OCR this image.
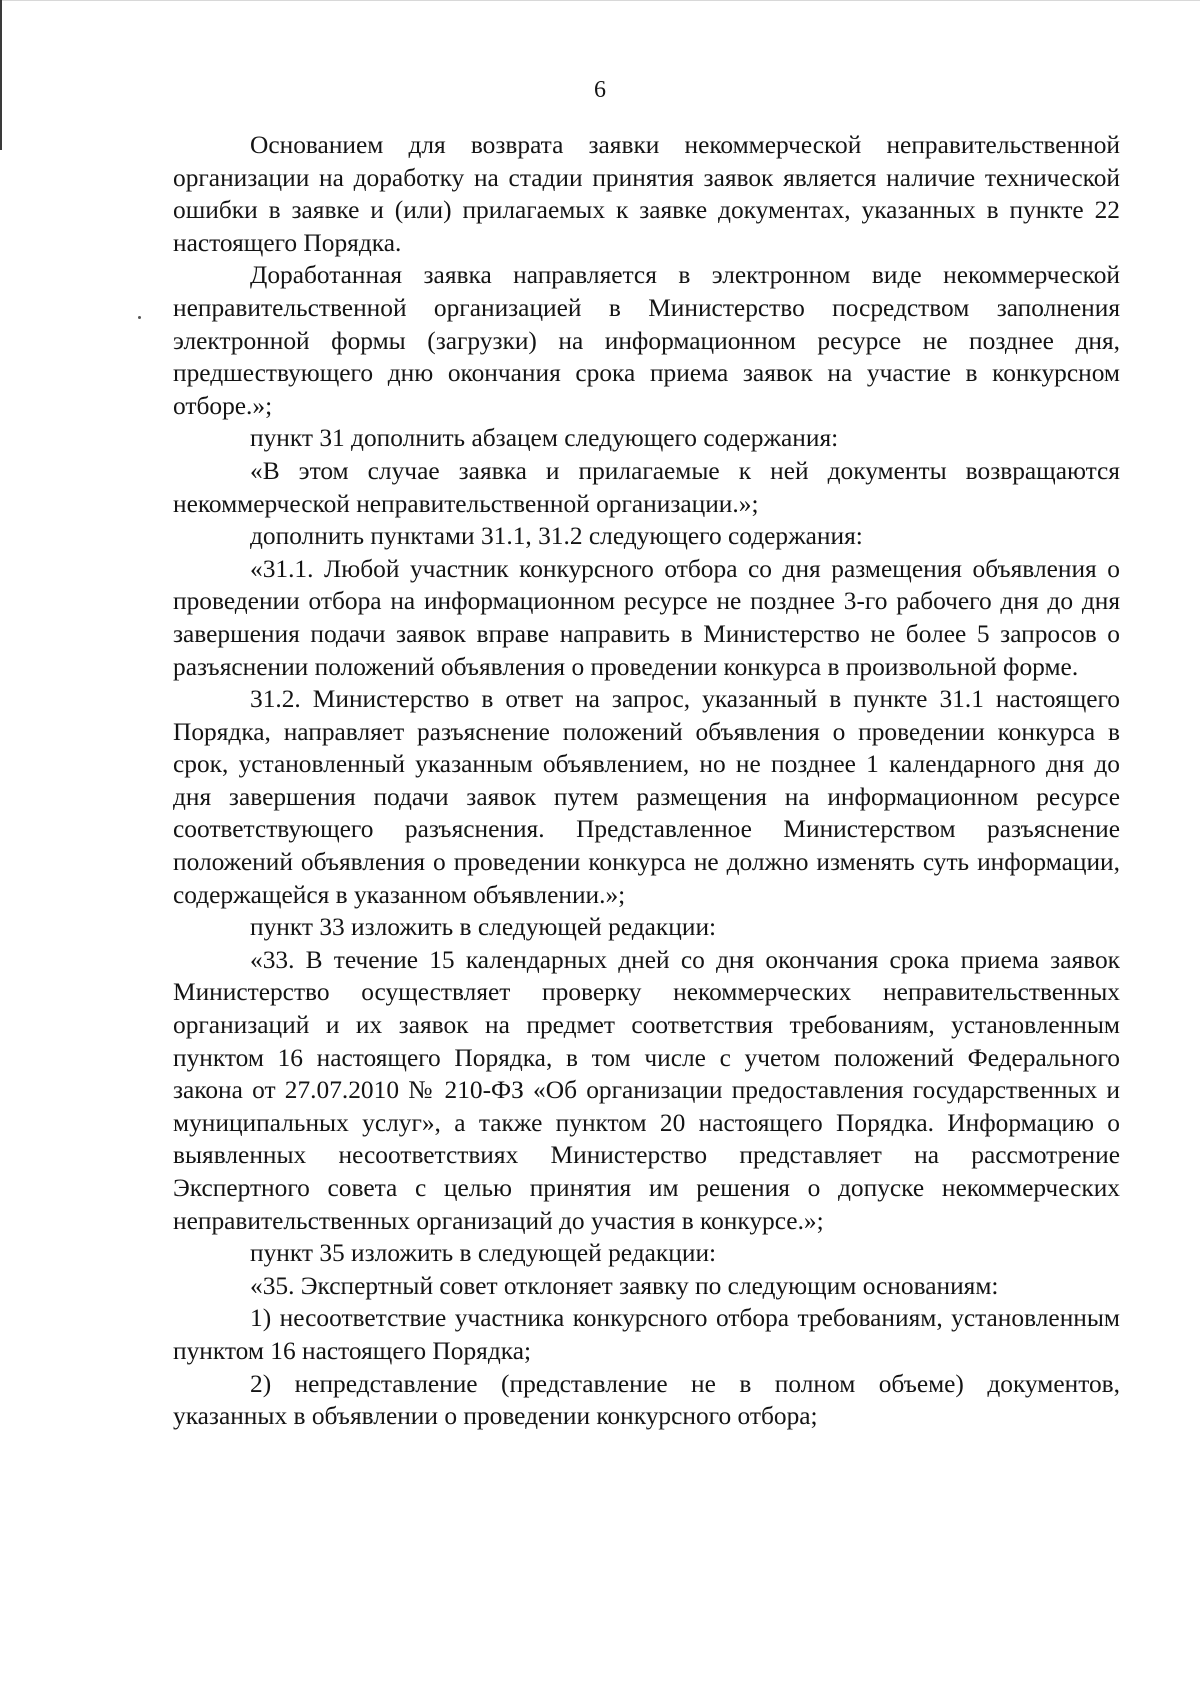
6

Основанием для возврата заявки некоммерческой неправительственной организации на доработку на стадии принятия заявок является наличие технической ошибки в заявке и (или) прилагаемых к заявке документах, указанных в пункте 22 настоящего Порядка.

Доработанная заявка направляется в электронном виде некоммерческой неправительственной организацией в Министерство посредством заполнения электронной формы (загрузки) на информационном ресурсе не позднее дня, предшествующего дню окончания срока приема заявок на участие в конкурсном отборе.»;

пункт 31 дополнить абзацем следующего содержания:

«В этом случае заявка и прилагаемые к ней документы возвращаются некоммерческой неправительственной организации.»;

дополнить пунктами 31.1, 31.2 следующего содержания:

«31.1. Любой участник конкурсного отбора со дня размещения объявления о проведении отбора на информационном ресурсе не позднее 3-го рабочего дня до дня завершения подачи заявок вправе направить в Министерство не более 5 запросов о разъяснении положений объявления о проведении конкурса в произвольной форме.

31.2. Министерство в ответ на запрос, указанный в пункте 31.1 настоящего Порядка, направляет разъяснение положений объявления о проведении конкурса в срок, установленный указанным объявлением, но не позднее 1 календарного дня до дня завершения подачи заявок путем размещения на информационном ресурсе соответствующего разъяснения. Представленное Министерством разъяснение положений объявления о проведении конкурса не должно изменять суть информации, содержащейся в указанном объявлении.»;

пункт 33 изложить в следующей редакции:

«33. В течение 15 календарных дней со дня окончания срока приема заявок Министерство осуществляет проверку некоммерческих неправительственных организаций и их заявок на предмет соответствия требованиям, установленным пунктом 16 настоящего Порядка, в том числе с учетом положений Федерального закона от 27.07.2010 № 210-ФЗ «Об организации предоставления государственных и муниципальных услуг», а также пунктом 20 настоящего Порядка. Информацию о выявленных несоответствиях Министерство представляет на рассмотрение Экспертного совета с целью принятия им решения о допуске некоммерческих неправительственных организаций до участия в конкурсе.»;

пункт 35 изложить в следующей редакции:

«35. Экспертный совет отклоняет заявку по следующим основаниям:

1) несоответствие участника конкурсного отбора требованиям, установленным пунктом 16 настоящего Порядка;

2) непредставление (представление не в полном объеме) документов, указанных в объявлении о проведении конкурсного отбора;
